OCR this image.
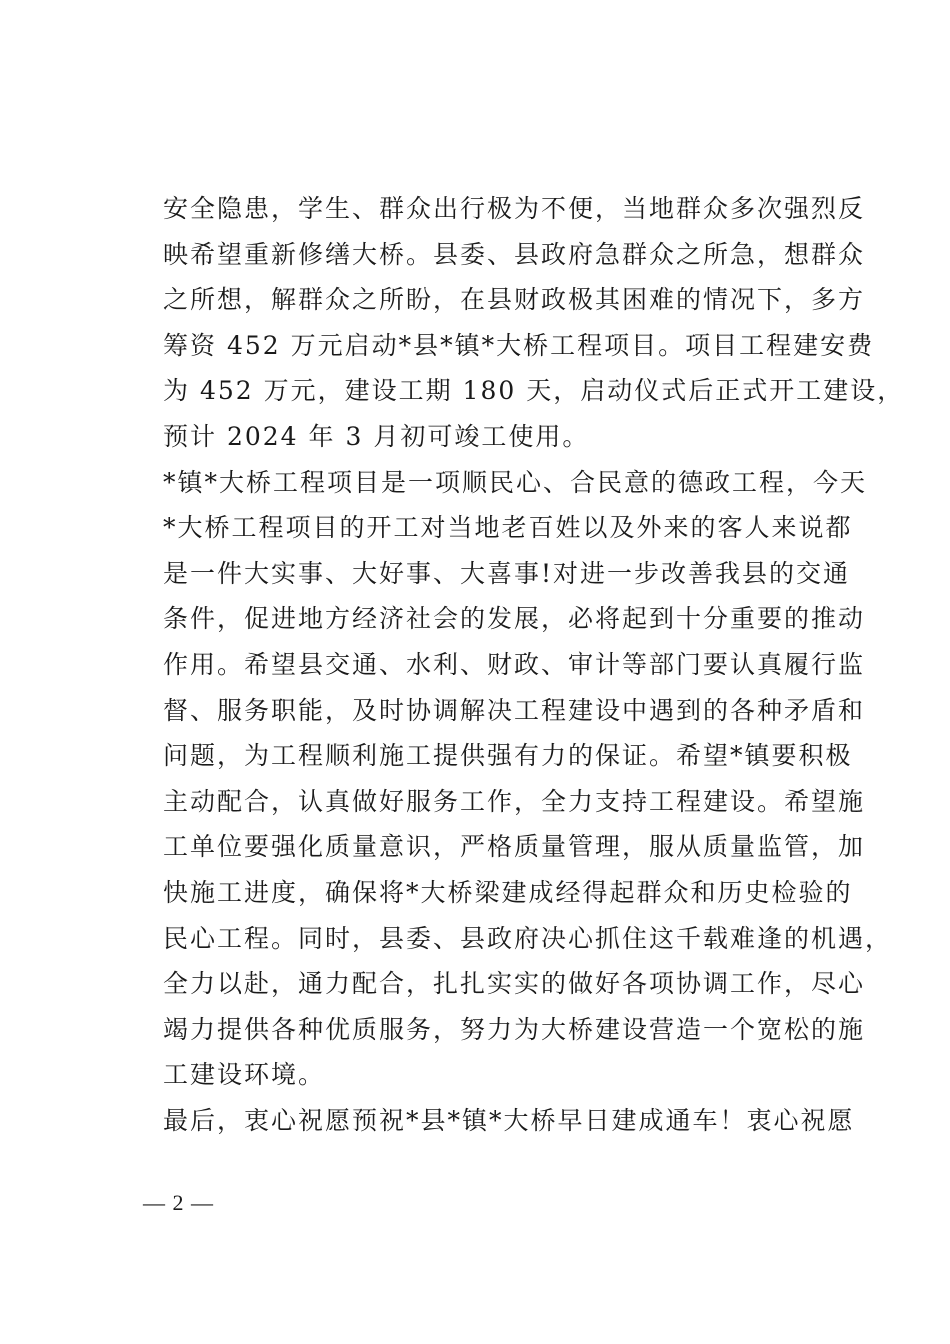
安全隐患，学生、群众出行极为不便，当地群众多次强烈反
映希望重新修缮大桥。县委、县政府急群众之所急，想群众
之所想，解群众之所盼，在县财政极其困难的情况下，多方
筹资 452 万元启动*县*镇*大桥工程项目。项目工程建安费
为 452 万元，建设工期 180 天，启动仪式后正式开工建设，
预计 2024 年 3 月初可竣工使用。
*镇*大桥工程项目是一项顺民心、合民意的德政工程，今天
*大桥工程项目的开工对当地老百姓以及外来的客人来说都
是一件大实事、大好事、大喜事!对进一步改善我县的交通
条件，促进地方经济社会的发展，必将起到十分重要的推动
作用。希望县交通、水利、财政、审计等部门要认真履行监
督、服务职能，及时协调解决工程建设中遇到的各种矛盾和
问题，为工程顺利施工提供强有力的保证。希望*镇要积极
主动配合，认真做好服务工作，全力支持工程建设。希望施
工单位要强化质量意识，严格质量管理，服从质量监管，加
快施工进度，确保将*大桥梁建成经得起群众和历史检验的
民心工程。同时，县委、县政府决心抓住这千载难逢的机遇，
全力以赴，通力配合，扎扎实实的做好各项协调工作，尽心
竭力提供各种优质服务，努力为大桥建设营造一个宽松的施
工建设环境。
最后，衷心祝愿预祝*县*镇*大桥早日建成通车！衷心祝愿
— 2 —
